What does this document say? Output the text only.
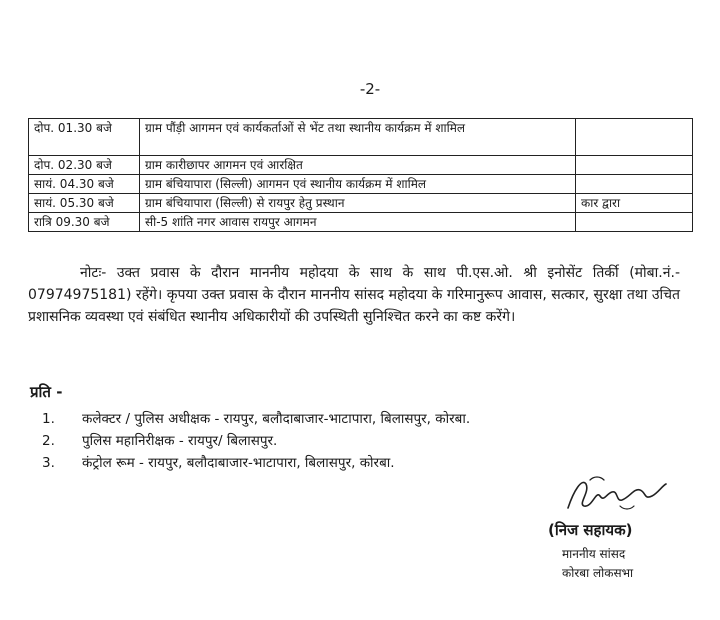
-2-
दोप. 01.30 बजे	ग्राम पौंड़ी आगमन एवं कार्यकर्ताओं से भेंट तथा स्थानीय कार्यक्रम में शामिल	
दोप. 02.30 बजे	ग्राम कारीछापर आगमन एवं आरक्षित	
सायं. 04.30 बजे	ग्राम बंचियापारा (सिल्ली) आगमन एवं स्थानीय कार्यक्रम में शामिल	
सायं. 05.30 बजे	ग्राम बंचियापारा (सिल्ली) से रायपुर हेतु प्रस्थान	कार द्वारा
रात्रि 09.30 बजे	सी-5 शांति नगर आवास रायपुर आगमन	
नोटः- उक्त प्रवास के दौरान माननीय महोदया के साथ के साथ पी.एस.ओ. श्री इनोसेंट तिर्की (मोबा.नं.- 07974975181) रहेंगे। कृपया उक्त प्रवास के दौरान माननीय सांसद महोदया के गरिमानुरूप आवास, सत्कार, सुरक्षा तथा उचित प्रशासनिक व्यवस्था एवं संबंधित स्थानीय अधिकारीयों की उपस्थिती सुनिश्चित करने का कष्ट करेंगे।
प्रति -
1.	कलेक्टर / पुलिस अधीक्षक - रायपुर, बलौदाबाजार-भाटापारा, बिलासपुर, कोरबा.
2.	पुलिस महानिरीक्षक - रायपुर/ बिलासपुर.
3.	कंट्रोल रूम - रायपुर, बलौदाबाजार-भाटापारा, बिलासपुर, कोरबा.
(निज सहायक)
माननीय सांसद
कोरबा लोकसभा
